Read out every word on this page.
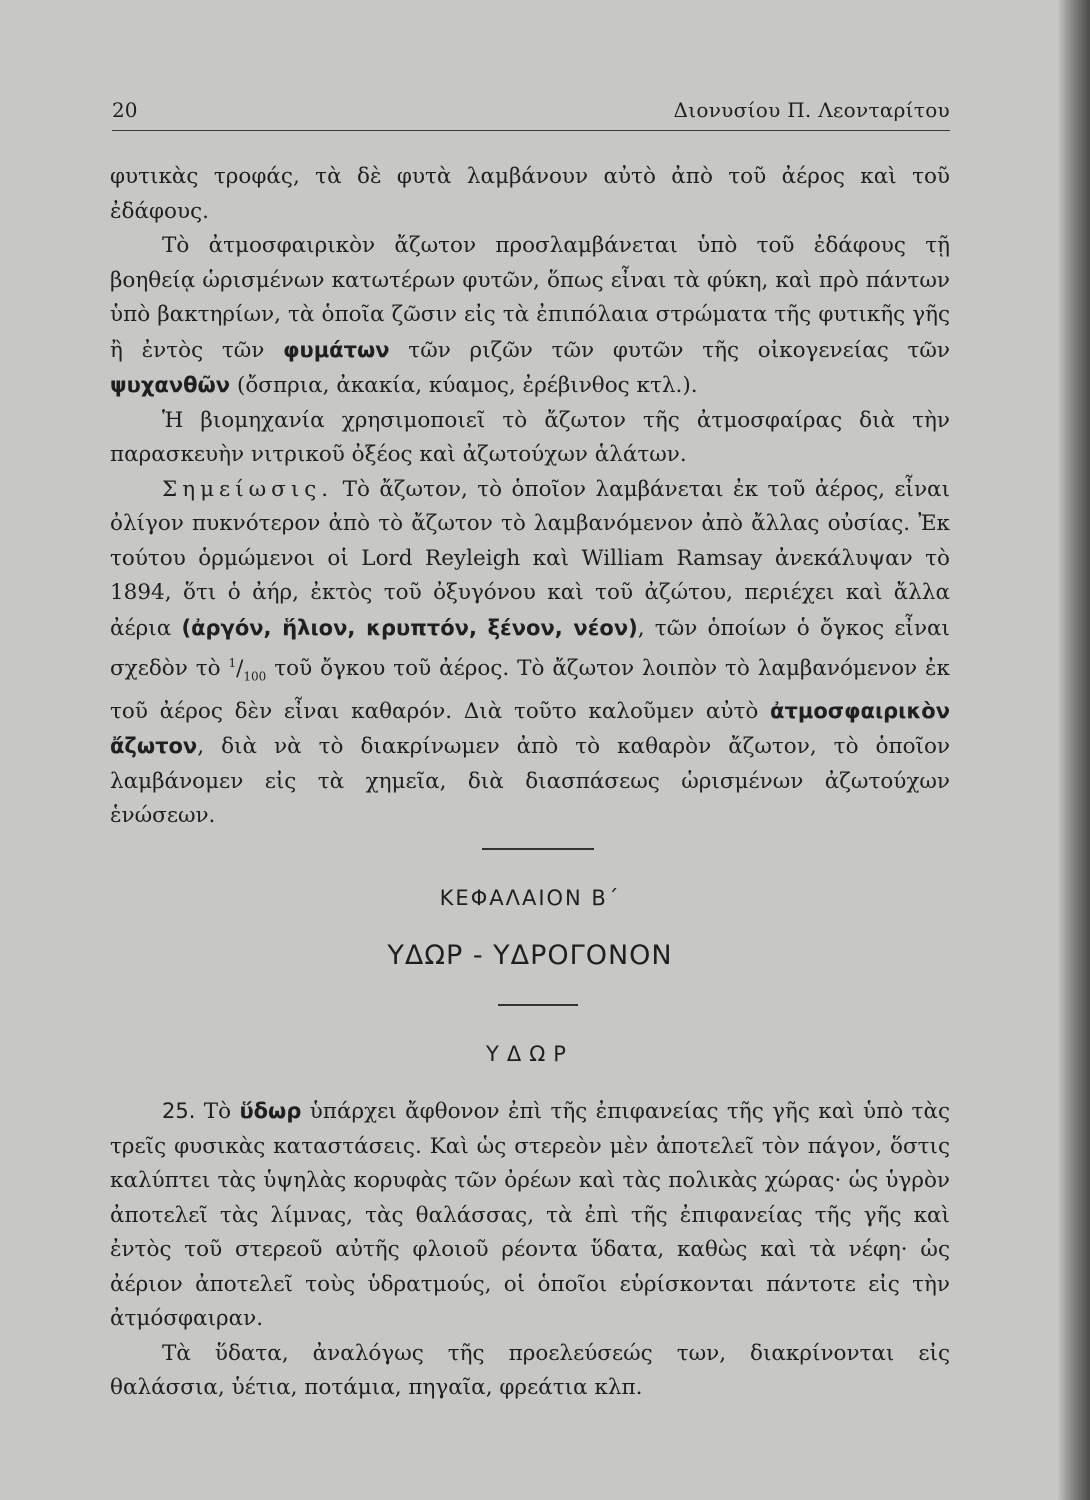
20	Διονυσίου Π. Λεονταρίτου

φυτικὰς τροφάς, τὰ δὲ φυτὰ λαμβάνουν αὐτὸ ἀπὸ τοῦ ἀέρος καὶ τοῦ ἐδάφους.

Τὸ ἀτμοσφαιρικὸν ἄζωτον προσλαμβάνεται ὑπὸ τοῦ ἐδάφους τῇ βοηθείᾳ ὡρισμένων κατωτέρων φυτῶν, ὅπως εἶναι τὰ φύκη, καὶ πρὸ πάντων ὑπὸ βακτηρίων, τὰ ὁποῖα ζῶσιν εἰς τὰ ἐπιπόλαια στρώματα τῆς φυτικῆς γῆς ἢ ἐντὸς τῶν φυμάτων τῶν ριζῶν τῶν φυτῶν τῆς οἰκογενείας τῶν ψυχανθῶν (ὄσπρια, ἀκακία, κύαμος, ἐρέβινθος κτλ.).

Ἡ βιομηχανία χρησιμοποιεῖ τὸ ἄζωτον τῆς ἀτμοσφαίρας διὰ τὴν παρασκευὴν νιτρικοῦ ὀξέος καὶ ἀζωτούχων ἁλάτων.

Σημείωσις. Τὸ ἄζωτον, τὸ ὁποῖον λαμβάνεται ἐκ τοῦ ἀέρος, εἶναι ὀλίγον πυκνότερον ἀπὸ τὸ ἄζωτον τὸ λαμβανόμενον ἀπὸ ἄλλας οὐσίας. Ἐκ τούτου ὁρμώμενοι οἱ Lord Reyleigh καὶ William Ramsay ἀνεκάλυψαν τὸ 1894, ὅτι ὁ ἀήρ, ἐκτὸς τοῦ ὀξυγόνου καὶ τοῦ ἀζώτου, περιέχει καὶ ἄλλα ἀέρια (ἀργόν, ἥλιον, κρυπτόν, ξένον, νέον), τῶν ὁποίων ὁ ὄγκος εἶναι σχεδὸν τὸ $^1/_{100}$ τοῦ ὄγκου τοῦ ἀέρος. Τὸ ἄζωτον λοιπὸν τὸ λαμβανόμενον ἐκ τοῦ ἀέρος δὲν εἶναι καθαρόν. Διὰ τοῦτο καλοῦμεν αὐτὸ ἀτμοσφαιρικὸν ἄζωτον, διὰ νὰ τὸ διακρίνωμεν ἀπὸ τὸ καθαρὸν ἄζωτον, τὸ ὁποῖον λαμβάνομεν εἰς τὰ χημεῖα, διὰ διασπάσεως ὡρισμένων ἀζωτούχων ἑνώσεων.

ΚΕΦΑΛΑΙΟΝ Β΄
ΥΔΩΡ - ΥΔΡΟΓΟΝΟΝ
ΥΔΩΡ

25. Τὸ ὕδωρ ὑπάρχει ἄφθονον ἐπὶ τῆς ἐπιφανείας τῆς γῆς καὶ ὑπὸ τὰς τρεῖς φυσικὰς καταστάσεις. Καὶ ὡς στερεὸν μὲν ἀποτελεῖ τὸν πάγον, ὅστις καλύπτει τὰς ὑψηλὰς κορυφὰς τῶν ὀρέων καὶ τὰς πολικὰς χώρας· ὡς ὑγρὸν ἀποτελεῖ τὰς λίμνας, τὰς θαλάσσας, τὰ ἐπὶ τῆς ἐπιφανείας τῆς γῆς καὶ ἐντὸς τοῦ στερεοῦ αὐτῆς φλοιοῦ ρέοντα ὕδατα, καθὼς καὶ τὰ νέφη· ὡς ἀέριον ἀποτελεῖ τοὺς ὑδρατμούς, οἱ ὁποῖοι εὑρίσκονται πάντοτε εἰς τὴν ἀτμόσφαιραν.

Τὰ ὕδατα, ἀναλόγως τῆς προελεύσεώς των, διακρίνονται εἰς θαλάσσια, ὑέτια, ποτάμια, πηγαῖα, φρεάτια κλπ.
